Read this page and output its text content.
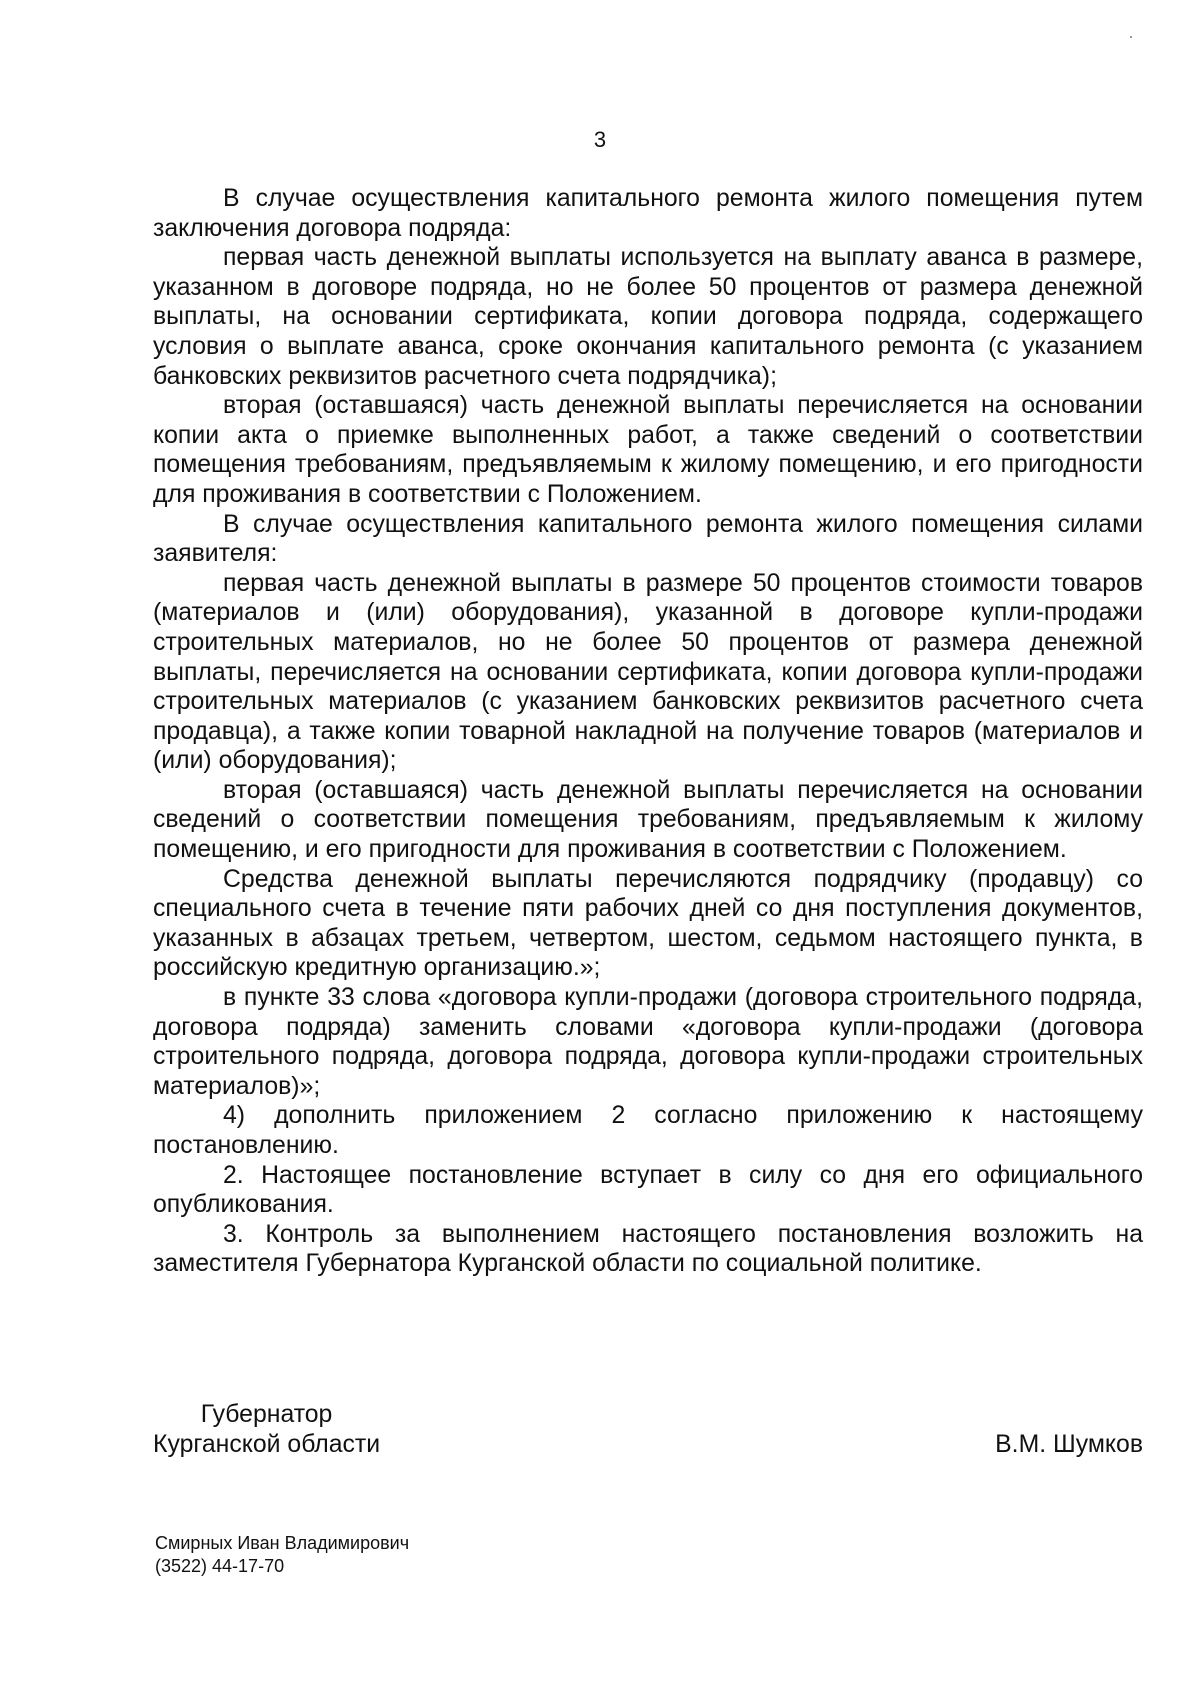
3

В случае осуществления капитального ремонта жилого помещения путем заключения договора подряда:

первая часть денежной выплаты используется на выплату аванса в размере, указанном в договоре подряда, но не более 50 процентов от размера денежной выплаты, на основании сертификата, копии договора подряда, содержащего условия о выплате аванса, сроке окончания капитального ремонта (с указанием банковских реквизитов расчетного счета подрядчика);

вторая (оставшаяся) часть денежной выплаты перечисляется на основании копии акта о приемке выполненных работ, а также сведений о соответствии помещения требованиям, предъявляемым к жилому помещению, и его пригодности для проживания в соответствии с Положением.

В случае осуществления капитального ремонта жилого помещения силами заявителя:

первая часть денежной выплаты в размере 50 процентов стоимости товаров (материалов и (или) оборудования), указанной в договоре купли-продажи строительных материалов, но не более 50 процентов от размера денежной выплаты, перечисляется на основании сертификата, копии договора купли-продажи строительных материалов (с указанием банковских реквизитов расчетного счета продавца), а также копии товарной накладной на получение товаров (материалов и (или) оборудования);

вторая (оставшаяся) часть денежной выплаты перечисляется на основании сведений о соответствии помещения требованиям, предъявляемым к жилому помещению, и его пригодности для проживания в соответствии с Положением.

Средства денежной выплаты перечисляются подрядчику (продавцу) со специального счета в течение пяти рабочих дней со дня поступления документов, указанных в абзацах третьем, четвертом, шестом, седьмом настоящего пункта, в российскую кредитную организацию.»;

в пункте 33 слова «договора купли-продажи (договора строительного подряда, договора подряда) заменить словами «договора купли-продажи (договора строительного подряда, договора подряда, договора купли-продажи строительных материалов)»;

4) дополнить приложением 2 согласно приложению к настоящему постановлению.

2. Настоящее постановление вступает в силу со дня его официального опубликования.

3. Контроль за выполнением настоящего постановления возложить на заместителя Губернатора Курганской области по социальной политике.

Губернатор
Курганской области	В.М. Шумков
Смирных Иван Владимирович
(3522) 44-17-70
